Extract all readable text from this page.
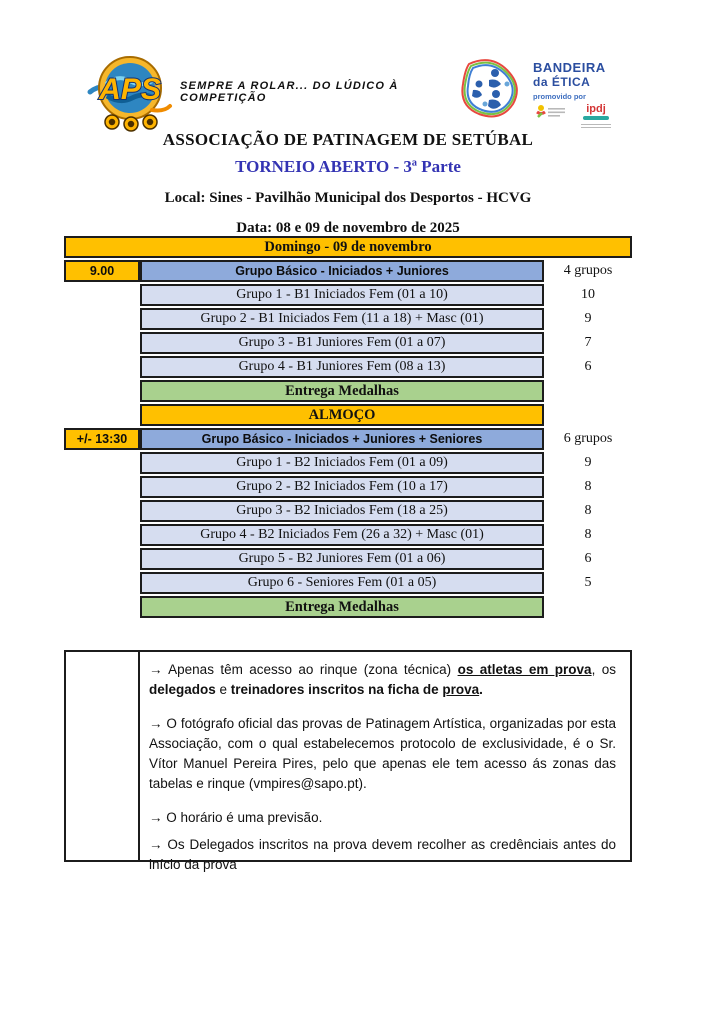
APS SEMPRE A ROLAR... DO LÚDICO À COMPETIÇÃO
BANDEIRA
da ÉTICA
promovido por
ipdj
ASSOCIAÇÃO DE PATINAGEM DE SETÚBAL
TORNEIO ABERTO - 3ª Parte
Local: Sines - Pavilhão Municipal dos Desportos - HCVG
Data: 08 e 09 de novembro de 2025
Domingo - 09 de novembro
9.00	Grupo Básico - Iniciados + Juniores	4 grupos
Grupo 1 - B1 Iniciados Fem (01 a 10)	10
Grupo 2 - B1 Iniciados Fem (11 a 18) + Masc (01)	9
Grupo 3 - B1 Juniores Fem (01 a 07)	7
Grupo 4 - B1 Juniores Fem (08 a 13)	6
Entrega Medalhas
ALMOÇO
+/- 13:30	Grupo Básico - Iniciados + Juniores + Seniores	6 grupos
Grupo 1 - B2 Iniciados Fem (01 a 09)	9
Grupo 2 - B2 Iniciados Fem (10 a 17)	8
Grupo 3 - B2 Iniciados Fem (18 a 25)	8
Grupo 4 - B2 Iniciados Fem (26 a 32) + Masc (01)	8
Grupo 5 - B2 Juniores Fem (01 a 06)	6
Grupo 6 - Seniores Fem (01 a 05)	5
Entrega Medalhas

→ Apenas têm acesso ao rinque (zona técnica) os atletas em prova, os delegados e treinadores inscritos na ficha de prova.

→ O fotógrafo oficial das provas de Patinagem Artística, organizadas por esta Associação, com o qual estabelecemos protocolo de exclusividade, é o Sr. Vítor Manuel Pereira Pires, pelo que apenas ele tem acesso ás zonas das tabelas e rinque (vmpires@sapo.pt).

→ O horário é uma previsão.

→ Os Delegados inscritos na prova devem recolher as credênciais antes do início da prova
